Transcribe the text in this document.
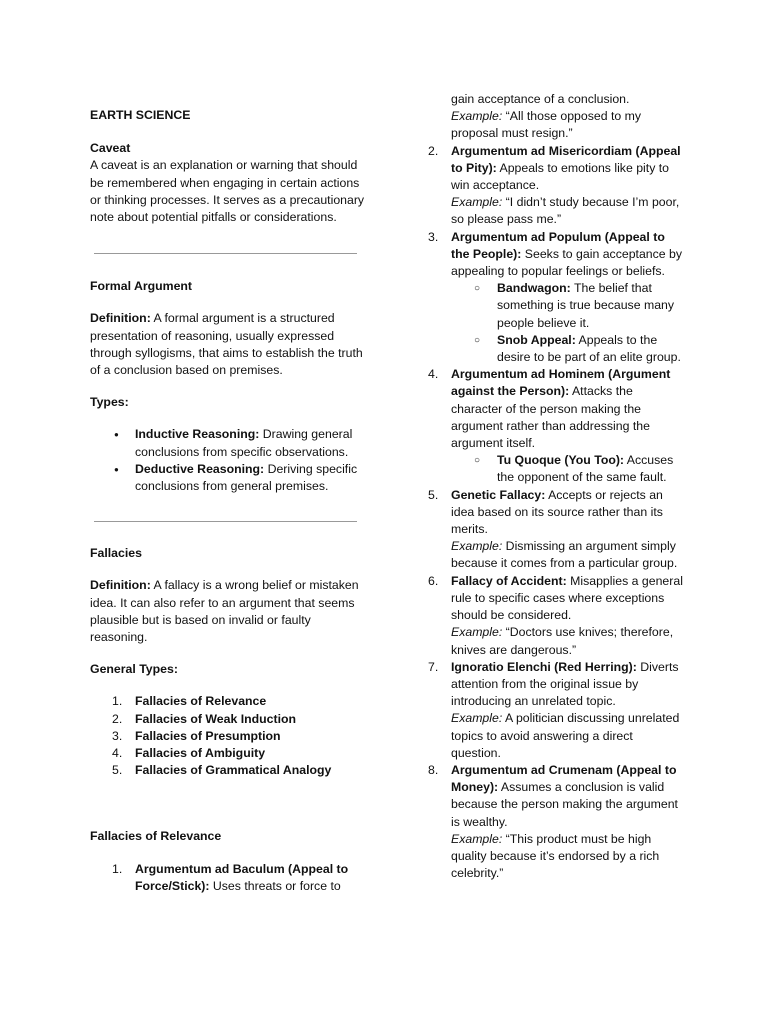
EARTH SCIENCE

Caveat

A caveat is an explanation or warning that should be remembered when engaging in certain actions or thinking processes. It serves as a precautionary note about potential pitfalls or considerations.

Formal Argument

Definition: A formal argument is a structured presentation of reasoning, usually expressed through syllogisms, that aims to establish the truth of a conclusion based on premises.

Types:

● Inductive Reasoning: Drawing general conclusions from specific observations.
● Deductive Reasoning: Deriving specific conclusions from general premises.

Fallacies

Definition: A fallacy is a wrong belief or mistaken idea. It can also refer to an argument that seems plausible but is based on invalid or faulty reasoning.

General Types:

1. Fallacies of Relevance
2. Fallacies of Weak Induction
3. Fallacies of Presumption
4. Fallacies of Ambiguity
5. Fallacies of Grammatical Analogy

Fallacies of Relevance

1. Argumentum ad Baculum (Appeal to Force/Stick): Uses threats or force to

gain acceptance of a conclusion.

Example: “All those opposed to my proposal must resign.”

2. Argumentum ad Misericordiam (Appeal to Pity): Appeals to emotions like pity to win acceptance.
Example: “I didn’t study because I’m poor, so please pass me.”
3. Argumentum ad Populum (Appeal to the People): Seeks to gain acceptance by appealing to popular feelings or beliefs.
○ Bandwagon: The belief that something is true because many people believe it.
○ Snob Appeal: Appeals to the desire to be part of an elite group.
4. Argumentum ad Hominem (Argument against the Person): Attacks the character of the person making the argument rather than addressing the argument itself.
○ Tu Quoque (You Too): Accuses the opponent of the same fault.
5. Genetic Fallacy: Accepts or rejects an idea based on its source rather than its merits.
Example: Dismissing an argument simply because it comes from a particular group.
6. Fallacy of Accident: Misapplies a general rule to specific cases where exceptions should be considered.
Example: “Doctors use knives; therefore, knives are dangerous.”
7. Ignoratio Elenchi (Red Herring): Diverts attention from the original issue by introducing an unrelated topic.
Example: A politician discussing unrelated topics to avoid answering a direct question.
8. Argumentum ad Crumenam (Appeal to Money): Assumes a conclusion is valid because the person making the argument is wealthy.
Example: “This product must be high quality because it’s endorsed by a rich celebrity.”
